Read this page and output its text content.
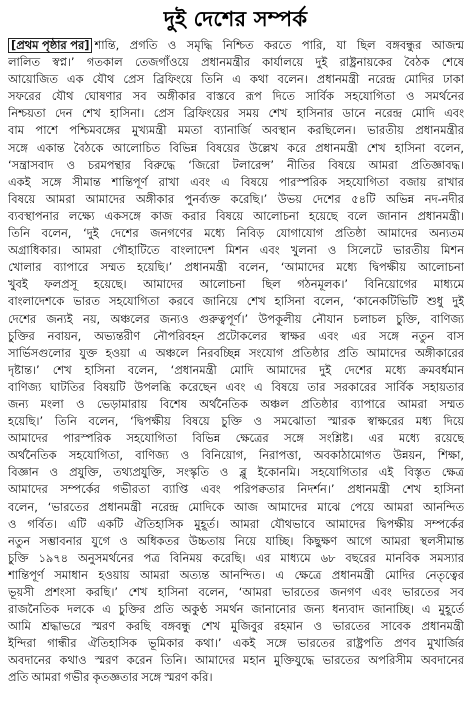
দুই দেশের সম্পর্ক
[প্রথম পৃষ্ঠার পর] শান্তি, প্রগতি ও সমৃদ্ধি নিশ্চিত করতে পারি, যা ছিল বঙ্গবন্ধুর আজন্ম
লালিত স্বপ্ন।’ গতকাল তেজগাঁওয়ে প্রধানমন্ত্রীর কার্যালয়ে দুই রাষ্ট্রনায়কের বৈঠক শেষে
আয়োজিত এক যৌথ প্রেস ব্রিফিংয়ে তিনি এ কথা বলেন। প্রধানমন্ত্রী নরেন্দ্র মোদির ঢাকা
সফরের যৌথ ঘোষণার সব অঙ্গীকার বাস্তবে রূপ দিতে সার্বিক সহযোগিতা ও সমর্থনের
নিশ্চয়তা দেন শেখ হাসিনা। প্রেস ব্রিফিংয়ের সময় শেখ হাসিনার ডানে নরেন্দ্র মোদি এবং
বাম পাশে পশ্চিমবঙ্গের মুখ্যমন্ত্রী মমতা ব্যানার্জি অবস্থান করছিলেন। ভারতীয় প্রধানমন্ত্রীর
সঙ্গে একান্ত বৈঠকে আলোচিত বিভিন্ন বিষয়ের উল্লেখ করে প্রধানমন্ত্রী শেখ হাসিনা বলেন,
‘সন্ত্রাসবাদ ও চরমপন্থার বিরুদ্ধে ‘জিরো টলারেন্স’ নীতির বিষয়ে আমরা প্রতিজ্ঞাবদ্ধ।
একই সঙ্গে সীমান্ত শান্তিপূর্ণ রাখা এবং এ বিষয়ে পারস্পরিক সহযোগিতা বজায় রাখার
বিষয়ে আমরা আমাদের অঙ্গীকার পুনর্ব্যক্ত করেছি।’ উভয় দেশের ৫৪টি অভিন্ন নদ-নদীর
ব্যবস্থাপনার লক্ষ্যে একসঙ্গে কাজ করার বিষয়ে আলোচনা হয়েছে বলে জানান প্রধানমন্ত্রী।
তিনি বলেন, ‘দুই দেশের জনগণের মধ্যে নিবিড় যোগাযোগ প্রতিষ্ঠা আমাদের অন্যতম
অগ্রাধিকার। আমরা গৌহাটিতে বাংলাদেশ মিশন এবং খুলনা ও সিলেটে ভারতীয় মিশন
খোলার ব্যাপারে সম্মত হয়েছি।’ প্রধানমন্ত্রী বলেন, ‘আমাদের মধ্যে দ্বিপক্ষীয় আলোচনা
খুবই ফলপ্রসূ হয়েছে। আমাদের আলোচনা ছিল গঠনমূলক।’ বিনিয়োগের মাধ্যমে
বাংলাদেশকে ভারত সহযোগিতা করবে জানিয়ে শেখ হাসিনা বলেন, ‘কানেকটিভিটি শুধু দুই
দেশের জন্যই নয়, অঞ্চলের জন্যও গুরুত্বপূর্ণ।’ উপকূলীয় নৌযান চলাচল চুক্তি, বাণিজ্য
চুক্তির নবায়ন, অভ্যন্তরীণ নৌপরিবহন প্রটোকলের স্বাক্ষর এবং এর সঙ্গে নতুন বাস
সার্ভিসগুলোর যুক্ত হওয়া এ অঞ্চলে নিরবচ্ছিন্ন সংযোগ প্রতিষ্ঠার প্রতি আমাদের অঙ্গীকারের
দৃষ্টান্ত।’ শেখ হাসিনা বলেন, ‘প্রধানমন্ত্রী মোদি আমাদের দুই দেশের মধ্যে ক্রমবর্ধমান
বাণিজ্য ঘাটতির বিষয়টি উপলব্ধি করেছেন এবং এ বিষয়ে তার সরকারের সার্বিক সহায়তার
জন্য মংলা ও ভেড়ামারায় বিশেষ অর্থনৈতিক অঞ্চল প্রতিষ্ঠার ব্যাপারে আমরা সম্মত
হয়েছি।’ তিনি বলেন, ‘দ্বিপক্ষীয় বিষয়ে চুক্তি ও সমঝোতা স্মারক স্বাক্ষরের মধ্য দিয়ে
আমাদের পারস্পরিক সহযোগিতা বিভিন্ন ক্ষেত্রের সঙ্গে সংশ্লিষ্ট। এর মধ্যে রয়েছে
অর্থনৈতিক সহযোগিতা, বাণিজ্য ও বিনিয়োগ, নিরাপত্তা, অবকাঠামোগত উন্নয়ন, শিক্ষা,
বিজ্ঞান ও প্রযুক্তি, তথ্যপ্রযুক্তি, সংস্কৃতি ও ব্লু ইকোনমি। সহযোগিতার এই বিস্তৃত ক্ষেত্র
আমাদের সম্পর্কের গভীরতা ব্যাপ্তি এবং পরিপক্বতার নিদর্শন।’ প্রধানমন্ত্রী শেখ হাসিনা
বলেন, ‘ভারতের প্রধানমন্ত্রী নরেন্দ্র মোদিকে আজ আমাদের মাঝে পেয়ে আমরা আনন্দিত
ও গর্বিত। এটি একটি ঐতিহাসিক মুহূর্ত। আমরা যৌথভাবে আমাদের দ্বিপক্ষীয় সম্পর্কের
নতুন সম্ভাবনার যুগে ও অধিকতর উচ্চতায় নিয়ে যাচ্ছি। কিছুক্ষণ আগে আমরা স্থলসীমান্ত
চুক্তি ১৯৭৪ অনুসমর্থনের পত্র বিনিময় করেছি। এর মাধ্যমে ৬৮ বছরের মানবিক সমস্যার
শান্তিপূর্ণ সমাধান হওয়ায় আমরা অত্যন্ত আনন্দিত। এ ক্ষেত্রে প্রধানমন্ত্রী মোদির নেতৃত্বের
ভূয়সী প্রশংসা করছি।’ শেখ হাসিনা বলেন, ‘আমরা ভারতের জনগণ এবং ভারতের সব
রাজনৈতিক দলকে এ চুক্তির প্রতি অকুণ্ঠ সমর্থন জানানোর জন্য ধন্যবাদ জানাচ্ছি। এ মুহূর্তে
আমি শ্রদ্ধাভরে স্মরণ করছি বঙ্গবন্ধু শেখ মুজিবুর রহমান ও ভারতের সাবেক প্রধানমন্ত্রী
ইন্দিরা গান্ধীর ঐতিহাসিক ভূমিকার কথা।’ একই সঙ্গে ভারতের রাষ্ট্রপতি প্রণব মুখার্জির
অবদানের কথাও স্মরণ করেন তিনি। আমাদের মহান মুক্তিযুদ্ধে ভারতের অপরিসীম অবদানের
প্রতি আমরা গভীর কৃতজ্ঞতার সঙ্গে স্মরণ করি।
